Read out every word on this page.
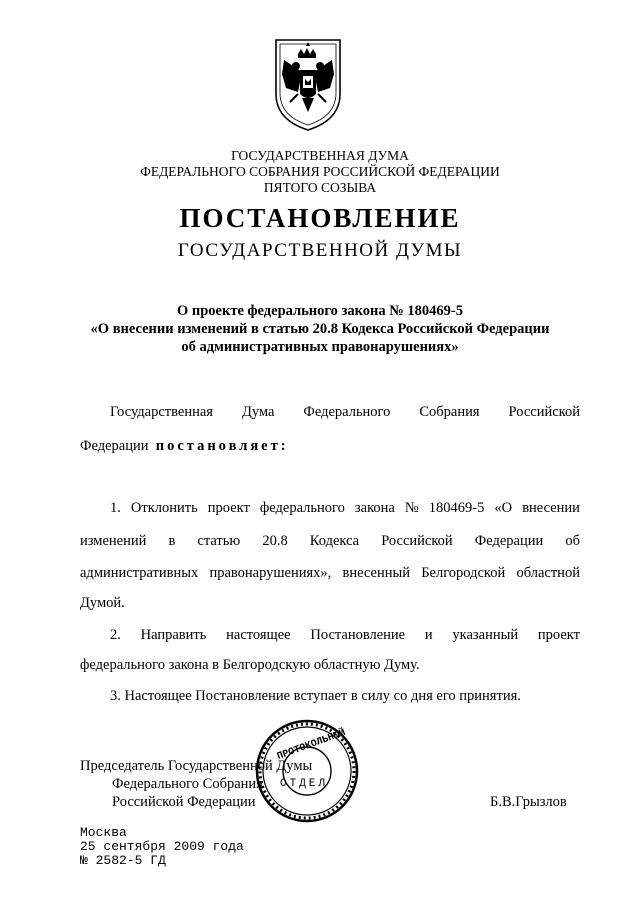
ГОСУДАРСТВЕННАЯ ДУМА
ФЕДЕРАЛЬНОГО СОБРАНИЯ РОССИЙСКОЙ ФЕДЕРАЦИИ
ПЯТОГО СОЗЫВА
ПОСТАНОВЛЕНИЕ
ГОСУДАРСТВЕННОЙ ДУМЫ
О проекте федерального закона № 180469-5
«О внесении изменений в статью 20.8 Кодекса Российской Федерации
об административных правонарушениях»
Государственная Дума Федерального Собрания Российской
Федерации постановляет:
1. Отклонить проект федерального закона № 180469-5 «О внесении
изменений в статью 20.8 Кодекса Российской Федерации об
административных правонарушениях», внесенный Белгородской областной
Думой.
2. Направить настоящее Постановление и указанный проект
федерального закона в Белгородскую областную Думу.
3. Настоящее Постановление вступает в силу со дня его принятия.
Председатель Государственной Думы
Федерального Собрания
Российской Федерации	Б.В.Грызлов
ПРОТОКОЛЬНЫЙ
ОТДЕЛ
Москва
25 сентября 2009 года
№ 2582-5 ГД
